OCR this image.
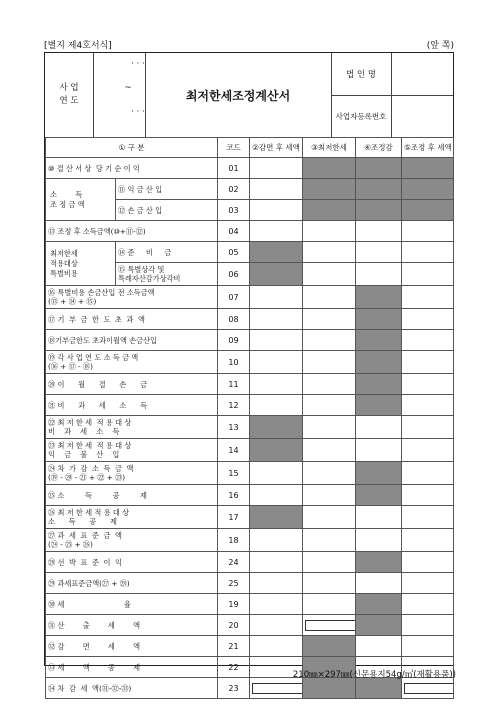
[별지 제4호서식]	(앞 쪽)
사 업
연 도
· · ·
~
· · ·
최저한세조정계산서
법 인 명
사업자등록번호
① 구 분		코드	②감면 후 세액	③최저한세	④조정감	⑤조정 후 세액
⑩ 결 산 서 상  당 기 순 이 익		01				
소        득
조 정 금 액	⑪ 익 금 산 입	02				
	⑫ 손 금 산 입	03				
⑬ 조정 후 소득금액(⑩+⑪-⑫)		04				
최저한세
적용대상
특별비용	⑭ 준     비     금	05				
	⑮ 특별상각 및
특례자산감가상각비	06				
⑯ 특별비용 손금산입 전 소득금액
(⑬ + ⑭ + ⑮)		07				
⑰ 기  부  금  한  도  초  과  액		08				
⑱기부금한도 초과이월액 손금산입		09				
⑲ 각 사 업 연 도 소 득 금 액
(⑯ + ⑰ - ⑱)		10				
⑳ 이      월      결      손      금		11				
㉑ 비      과      세      소      득		12				
㉒ 최 저 한 세  적 용 대 상
비    과    세    소    득		13				
㉓ 최 저 한 세  적 용 대 상
익    금    불    산    입		14				
㉔ 차  가  감  소  득  금  액
(⑲ - ⑳ - ㉑ + ㉒ + ㉓)		15				
㉕ 소         득         공         제		16				
㉖ 최 저 한 세 적 용 대 상
소      득      공      제		17				
㉗ 과  세  표  준  금  액
(㉔ - ㉕ + ㉖)		18				
㉘ 선  박  표  준  이  익		24				
㉙ 과세표준금액(㉗ + ㉘)		25				
㉚ 세                          율		19				
㉛ 산        출        세        액		20				
㉜ 감        면        세        액		21				
㉝ 세        액        공        제		22				
㉞ 차  감  세  액(㉛-㉜-㉝)		23				
210㎜×297㎜(신문용지54g/㎡(재활용품))
